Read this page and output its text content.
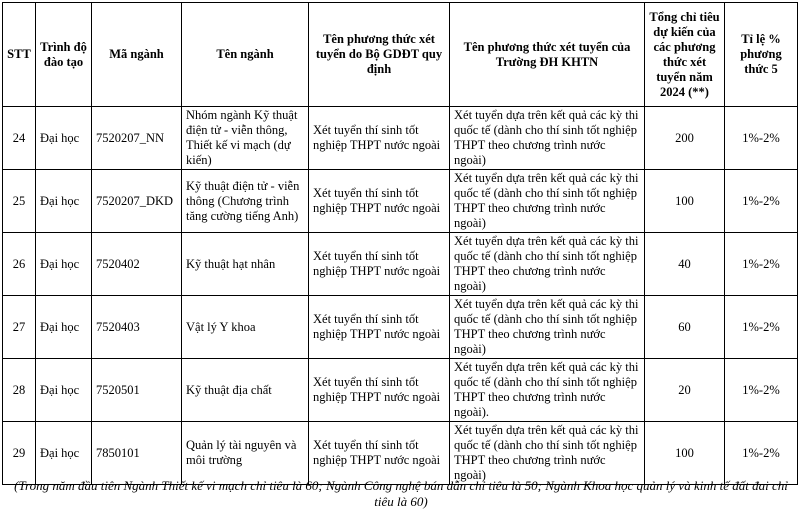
STT	Trình độ đào tạo	Mã ngành	Tên ngành	Tên phương thức xét tuyển do Bộ GDĐT quy định	Tên phương thức xét tuyển của Trường ĐH KHTN	Tổng chỉ tiêu dự kiến của các phương thức xét tuyển năm 2024 (**)	Tỉ lệ % phương thức 5
24	Đại học	7520207_NN	Nhóm ngành Kỹ thuật điện tử - viễn thông, Thiết kế vi mạch (dự kiến)	Xét tuyển thí sinh tốt nghiệp THPT nước ngoài	Xét tuyển dựa trên kết quả các kỳ thi quốc tế (dành cho thí sinh tốt nghiệp THPT theo chương trình nước ngoài)	200	1%-2%
25	Đại học	7520207_DKD	Kỹ thuật điện tử - viễn thông (Chương trình tăng cường tiếng Anh)	Xét tuyển thí sinh tốt nghiệp THPT nước ngoài	Xét tuyển dựa trên kết quả các kỳ thi quốc tế (dành cho thí sinh tốt nghiệp THPT theo chương trình nước ngoài)	100	1%-2%
26	Đại học	7520402	Kỹ thuật hạt nhân	Xét tuyển thí sinh tốt nghiệp THPT nước ngoài	Xét tuyển dựa trên kết quả các kỳ thi quốc tế (dành cho thí sinh tốt nghiệp THPT theo chương trình nước ngoài)	40	1%-2%
27	Đại học	7520403	Vật lý Y khoa	Xét tuyển thí sinh tốt nghiệp THPT nước ngoài	Xét tuyển dựa trên kết quả các kỳ thi quốc tế (dành cho thí sinh tốt nghiệp THPT theo chương trình nước ngoài)	60	1%-2%
28	Đại học	7520501	Kỹ thuật địa chất	Xét tuyển thí sinh tốt nghiệp THPT nước ngoài	Xét tuyển dựa trên kết quả các kỳ thi quốc tế (dành cho thí sinh tốt nghiệp THPT theo chương trình nước ngoài).	20	1%-2%
29	Đại học	7850101	Quản lý tài nguyên và môi trường	Xét tuyển thí sinh tốt nghiệp THPT nước ngoài	Xét tuyển dựa trên kết quả các kỳ thi quốc tế (dành cho thí sinh tốt nghiệp THPT theo chương trình nước ngoài)	100	1%-2%
(Trong năm đầu tiên Ngành Thiết kế vi mạch chỉ tiêu là 60; Ngành Công nghệ bán dẫn chỉ tiêu là 50; Ngành Khoa học quản lý và kinh tế đất đai chỉ tiêu là 60)
